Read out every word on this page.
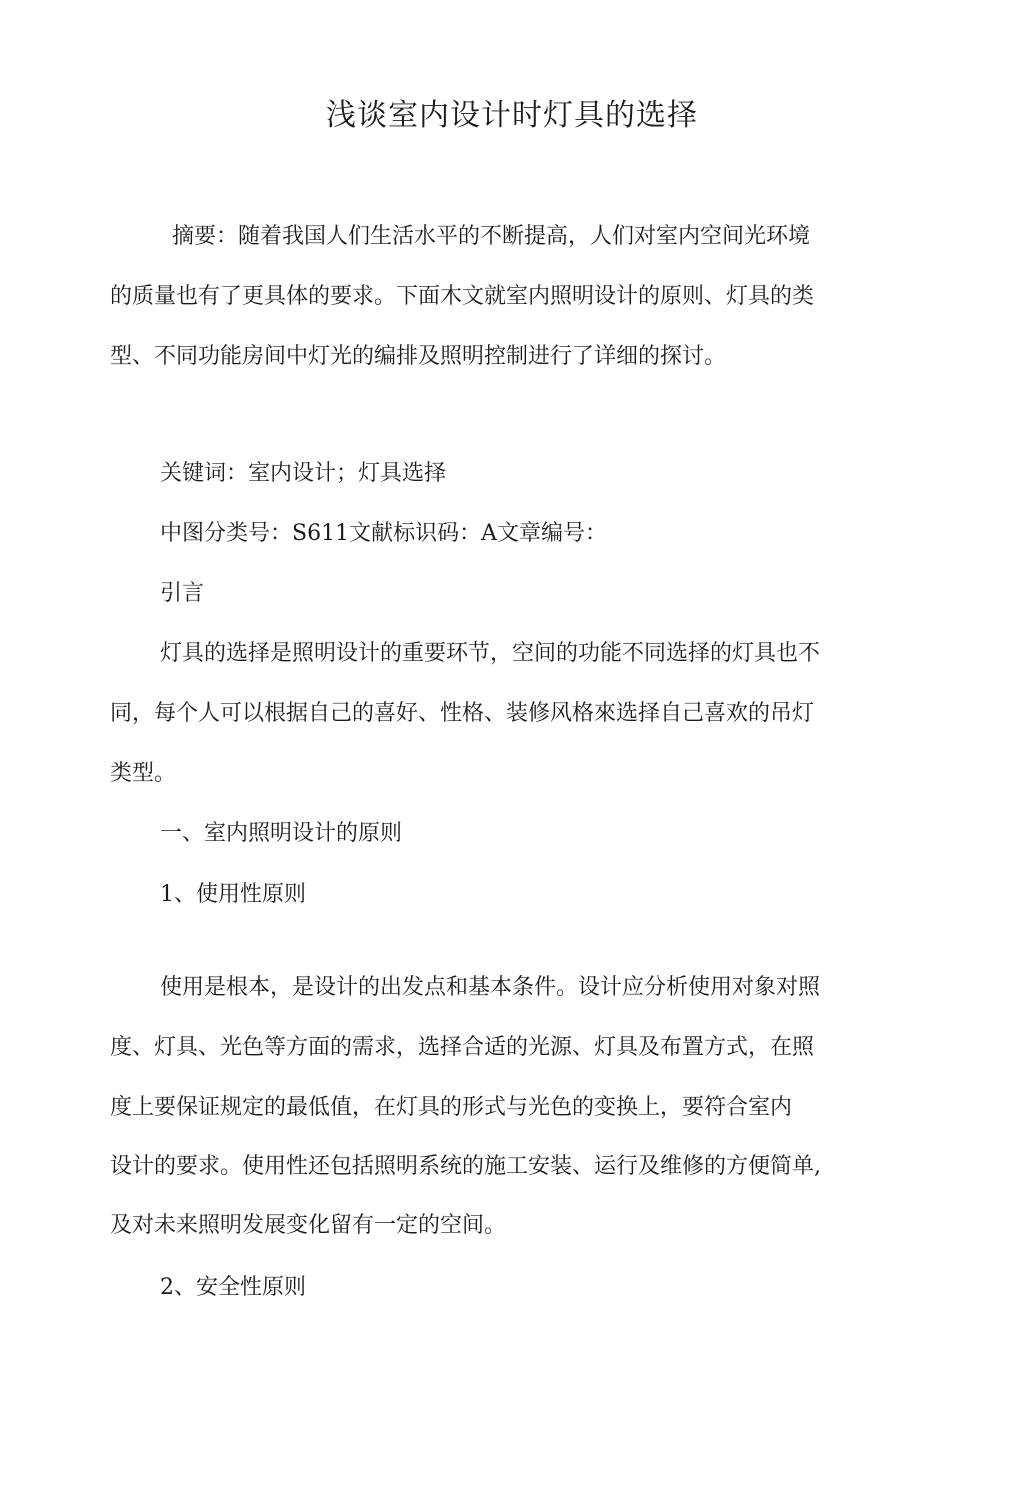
浅谈室内设计时灯具的选择

摘要：随着我国人们生活水平的不断提高，人们对室内空间光环境

的质量也有了更具体的要求。下面木文就室内照明设计的原则、灯具的类

型、不同功能房间中灯光的编排及照明控制进行了详细的探讨。

关键词：室内设计；灯具选择

中图分类号：S611文献标识码：A文章编号：

引言

灯具的选择是照明设计的重要环节，空间的功能不同选择的灯具也不

同，每个人可以根据自己的喜好、性格、装修风格來选择自己喜欢的吊灯

类型。

一、室内照明设计的原则

1、使用性原则

使用是根本，是设计的出发点和基本条件。设计应分析使用对象对照

度、灯具、光色等方面的需求，选择合适的光源、灯具及布置方式，在照

度上要保证规定的最低值，在灯具的形式与光色的变换上，要符合室内

设计的要求。使用性还包括照明系统的施工安装、运行及维修的方便简单,

及对未来照明发展变化留有一定的空间。

2、安全性原则
